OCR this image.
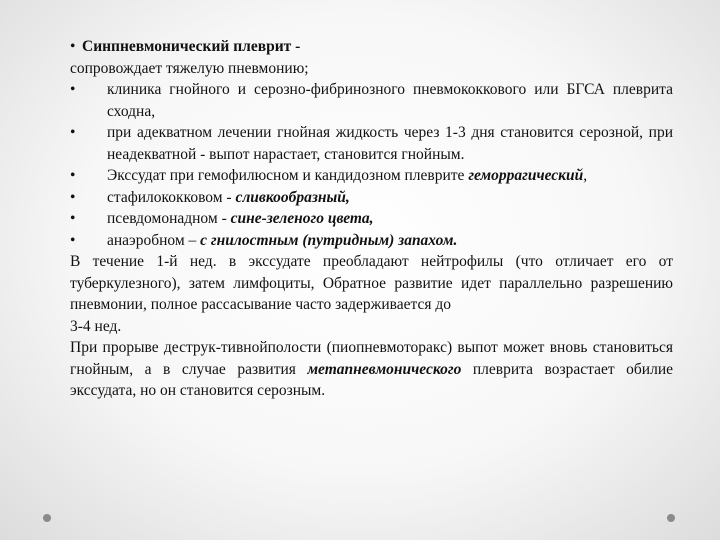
• Синпневмонический плеврит -
сопровождает тяжелую пневмонию;
•	клиника гнойного и серозно-фибринозного пневмококкового или БГСА плеврита сходна,
•	при адекватном лечении гнойная жидкость через 1-3 дня становится серозной, при неадекватной - выпот нарастает, становится гнойным.
•	Экссудат при гемофилюсном и кандидозном плеврите геморрагический,
•	стафилококковом - сливкообразный,
•	псевдомонадном - сине-зеленого цвета,
•	анаэробном – с гнилостным (путридным) запахом.
В течение 1-й нед. в экссудате преобладают нейтрофилы (что отличает его от туберкулезного), затем лимфоциты, Обратное развитие идет параллельно разрешению пневмонии, полное рассасывание часто задерживается до
3-4 нед.
При прорыве деструк-тивнойполости (пиопневмоторакс) выпот может вновь становиться гнойным, а в случае развития метапневмонического плеврита возрастает обилие экссудата, но он становится серозным.
